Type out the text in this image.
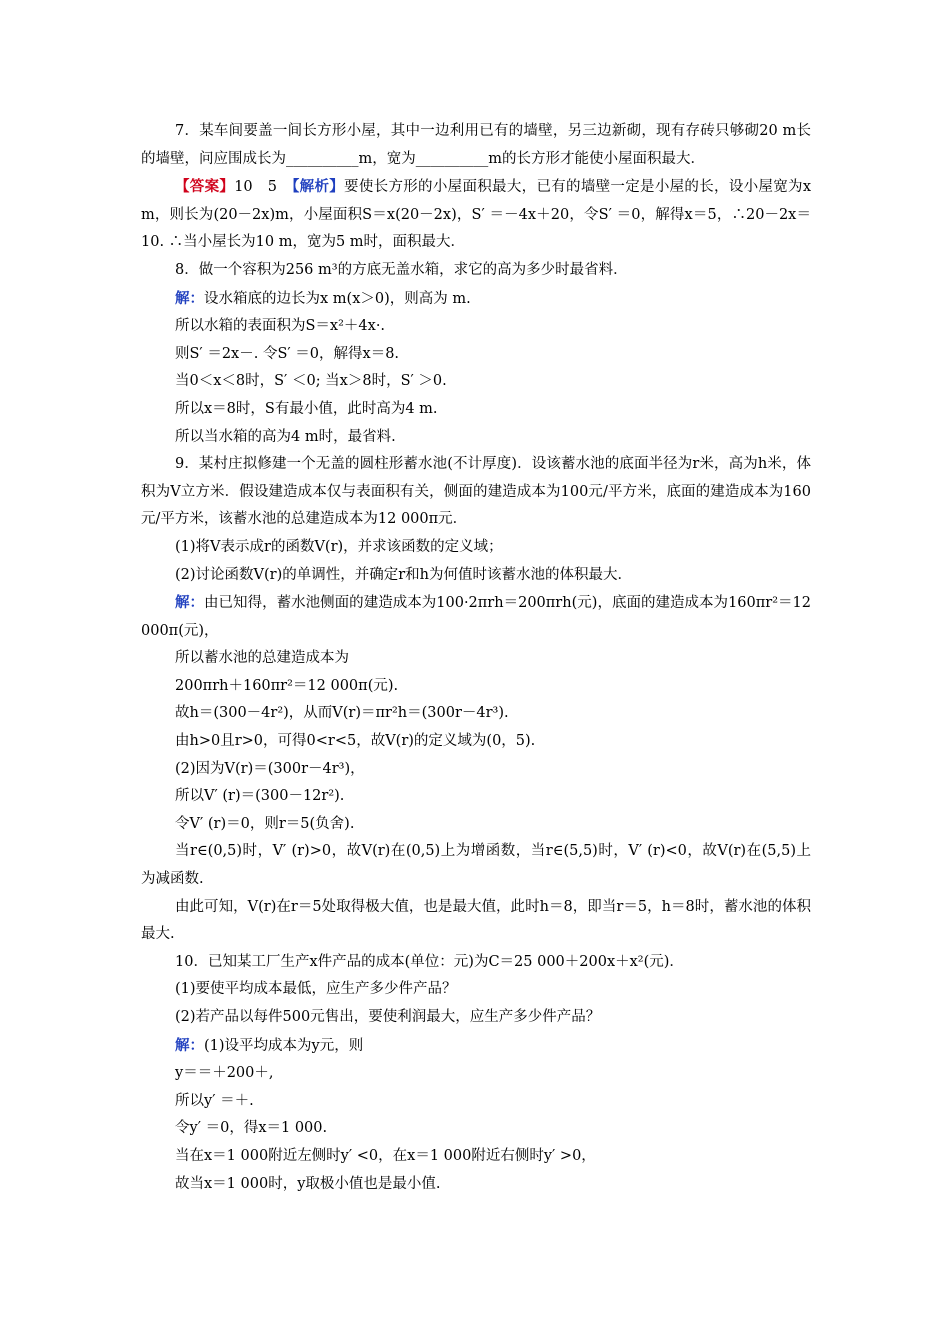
7．某车间要盖一间长方形小屋，其中一边利用已有的墙壁，另三边新砌，现有存砖只够砌20 m长的墙壁，问应围成长为__________m，宽为__________m的长方形才能使小屋面积最大．

【答案】10　5　 【解析】要使长方形的小屋面积最大，已有的墙壁一定是小屋的长，设小屋宽为x m，则长为(20－2x)m，小屋面积S＝x(20－2x)，S′ ＝－4x＋20，令S′ ＝0，解得x＝5，∴20－2x＝10. ∴当小屋长为10 m，宽为5 m时，面积最大．

8．做一个容积为256 m³的方底无盖水箱，求它的高为多少时最省料．

解：设水箱底的边长为x m(x＞0)，则高为 m.

所以水箱的表面积为S＝x²＋4x·.

则S′ ＝2x－. 令S′ ＝0，解得x＝8.

当0＜x＜8时，S′ ＜0; 当x＞8时，S′ ＞0.

所以x＝8时，S有最小值，此时高为4 m.

所以当水箱的高为4 m时，最省料.

9．某村庄拟修建一个无盖的圆柱形蓄水池(不计厚度)．设该蓄水池的底面半径为r米，高为h米，体积为V立方米．假设建造成本仅与表面积有关，侧面的建造成本为100元/平方米，底面的建造成本为160元/平方米，该蓄水池的总建造成本为12 000π元．

(1)将V表示成r的函数V(r)，并求该函数的定义域；

(2)讨论函数V(r)的单调性，并确定r和h为何值时该蓄水池的体积最大．

解：由已知得，蓄水池侧面的建造成本为100·2πrh＝200πrh(元)，底面的建造成本为160πr²＝12 000π(元)，

所以蓄水池的总建造成本为

200πrh＋160πr²＝12 000π(元).

故h＝(300－4r²)，从而V(r)＝πr²h＝(300r－4r³).

由h>0且r>0，可得0<r<5，故V(r)的定义域为(0，5).

(2)因为V(r)＝(300r－4r³)，

所以V′ (r)＝(300－12r²).

令V′ (r)＝0，则r＝5(负舍).

当r∈(0,5)时，V′ (r)>0，故V(r)在(0,5)上为增函数，当r∈(5,5)时，V′ (r)<0，故V(r)在(5,5)上为减函数.

由此可知，V(r)在r＝5处取得极大值，也是最大值，此时h＝8，即当r＝5，h＝8时，蓄水池的体积最大.

10．已知某工厂生产x件产品的成本(单位：元)为C＝25 000＋200x＋x²(元)．

(1)要使平均成本最低，应生产多少件产品？

(2)若产品以每件500元售出，要使利润最大，应生产多少件产品？

解：(1)设平均成本为y元，则

y＝＝＋200＋,

所以y′ ＝＋.

令y′ ＝0，得x＝1 000.

当在x＝1 000附近左侧时y′ <0，在x＝1 000附近右侧时y′ >0，

故当x＝1 000时，y取极小值也是最小值.
